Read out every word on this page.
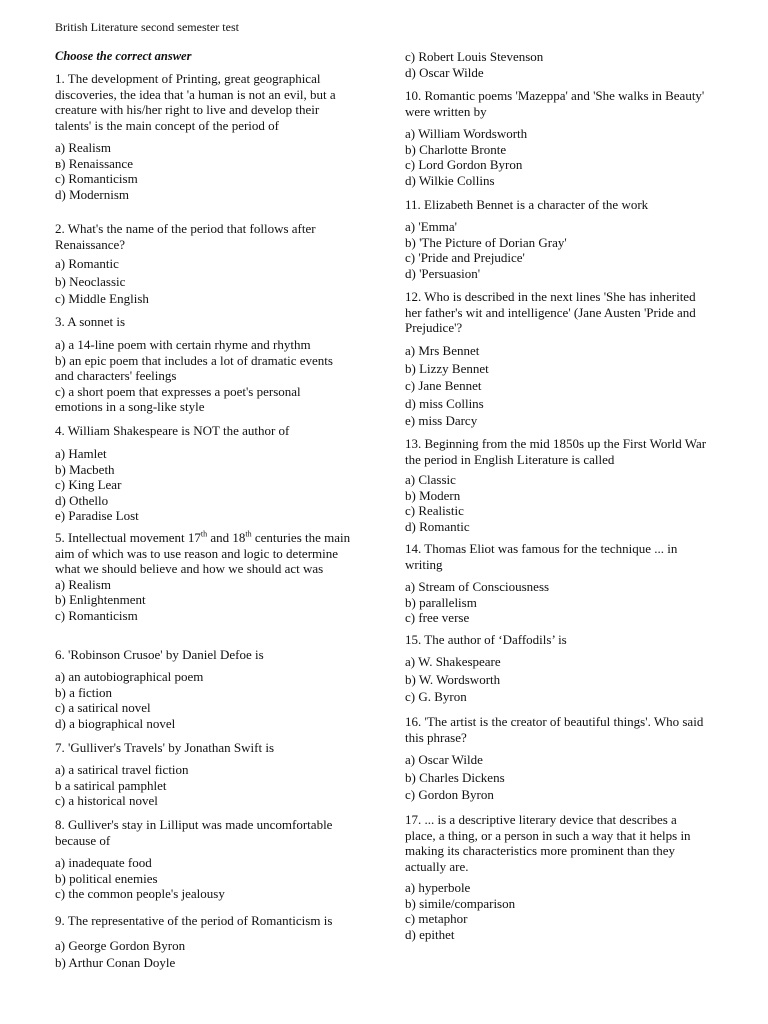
British Literature second semester test
Choose the correct answer

1. The development of Printing, great geographical discoveries, the idea that 'a human is not an evil, but a creature with his/her right to live and develop their talents' is the main concept of the period of

a) Realism
в) Renaissance
c) Romanticism
d) Modernism

2. What's the name of the period that follows after Renaissance?

a) Romantic
b) Neoclassic
c) Middle English

3. A sonnet is

a) a 14-line poem with certain rhyme and rhythm
b) an epic poem that includes a lot of dramatic events and characters' feelings
c) a short poem that expresses a poet's personal emotions in a song-like style

4. William Shakespeare is NOT the author of

a) Hamlet
b) Macbeth
c) King Lear
d) Othello
e) Paradise Lost

5. Intellectual movement 17th and 18th centuries the main aim of which was to use reason and logic to determine what we should believe and how we should act was

a) Realism
b) Enlightenment
c) Romanticism

6. 'Robinson Crusoe' by Daniel Defoe is

a) an autobiographical poem
b) a fiction
c) a satirical novel
d) a biographical novel

7. 'Gulliver's Travels' by Jonathan Swift is

a) a satirical travel fiction
b a satirical pamphlet
c) a historical novel

8. Gulliver's stay in Lilliput was made uncomfortable because of

a) inadequate food
b) political enemies
c) the common people's jealousy

9. The representative of the period of Romanticism is

a) George Gordon Byron
b) Arthur Conan Doyle
c) Robert Louis Stevenson
d) Oscar Wilde

10. Romantic poems 'Mazeppa' and 'She walks in Beauty' were written by

a) William Wordsworth
b) Charlotte Bronte
c) Lord Gordon Byron
d) Wilkie Collins

11. Elizabeth Bennet is a character of the work

a) 'Emma'
b) 'The Picture of Dorian Gray'
c) 'Pride and Prejudice'
d) 'Persuasion'

12. Who is described in the next lines 'She has inherited her father's wit and intelligence' (Jane Austen 'Pride and Prejudice'?

a) Mrs Bennet
b) Lizzy Bennet
c) Jane Bennet
d) miss Collins
e) miss Darcy

13. Beginning from the mid 1850s up the First World War the period in English Literature is called

a) Classic
b) Modern
c) Realistic
d) Romantic

14. Thomas Eliot was famous for the technique ... in writing

a) Stream of Consciousness
b) parallelism
c) free verse

15. The author of ‘Daffodils’ is

a) W. Shakespeare
b) W. Wordsworth
c) G. Byron

16. 'The artist is the creator of beautiful things'. Who said this phrase?

a) Oscar Wilde
b) Charles Dickens
c) Gordon Byron

17. ... is a descriptive literary device that describes a place, a thing, or a person in such a way that it helps in making its characteristics more prominent than they actually are.

a) hyperbole
b) simile/comparison
c) metaphor
d) epithet
